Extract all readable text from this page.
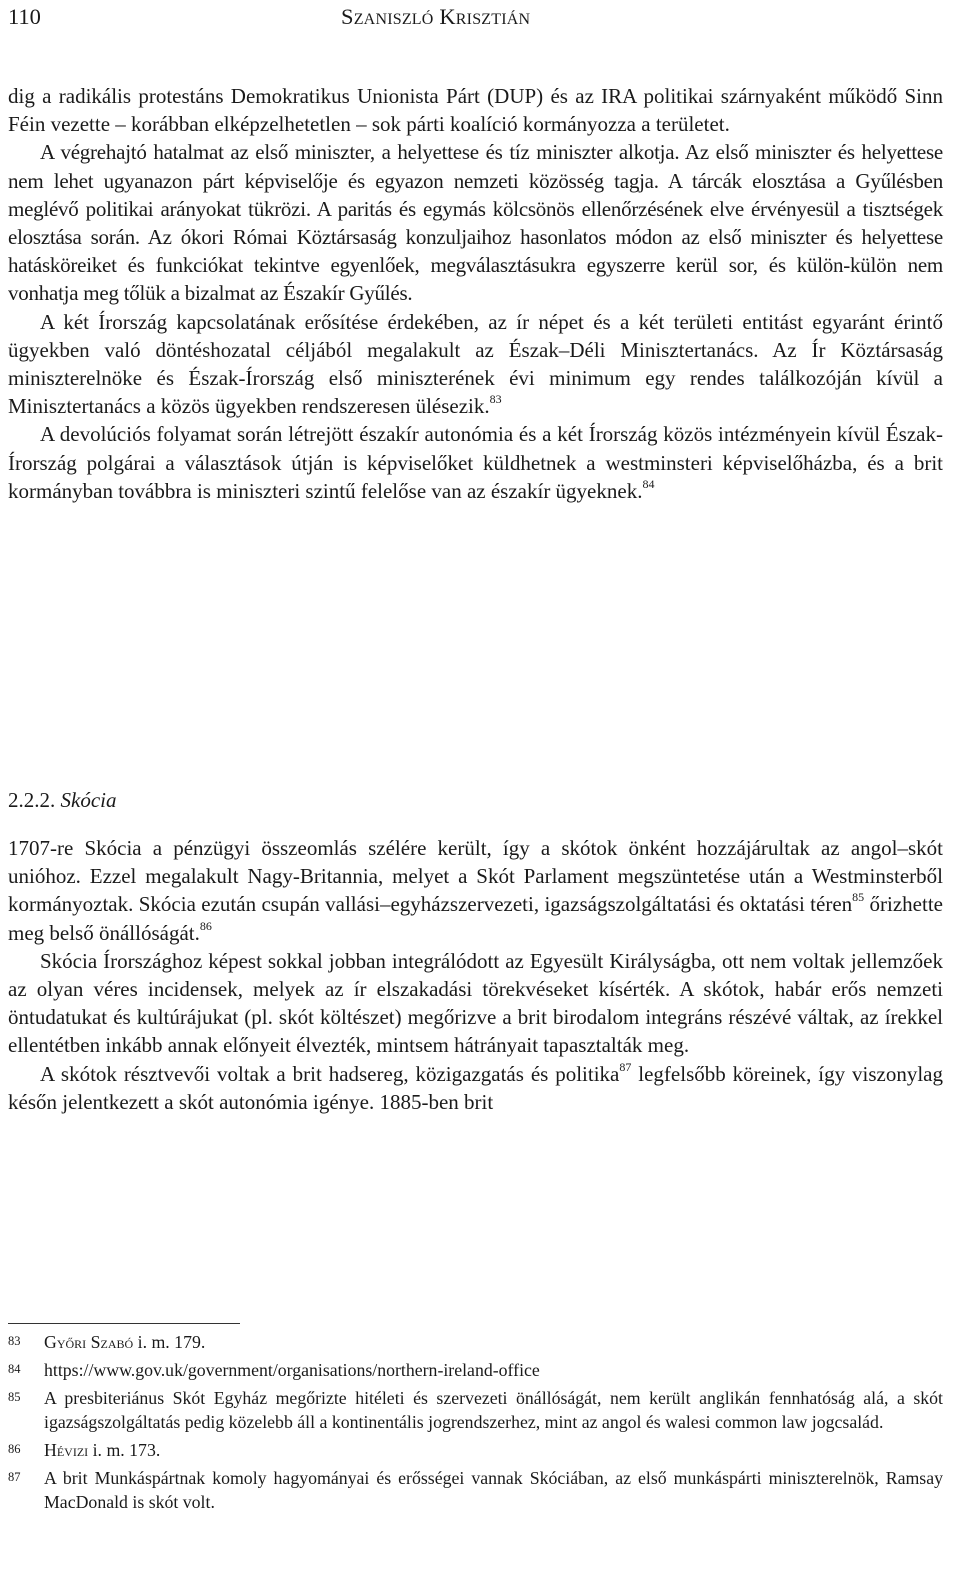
110	Szaniszló Krisztián

dig a radikális protestáns Demokratikus Unionista Párt (DUP) és az IRA politikai szárnyaként működő Sinn Féin vezette – korábban elképzelhetetlen – sok párti koalíció kormányozza a területet.

A végrehajtó hatalmat az első miniszter, a helyettese és tíz miniszter alkotja. Az első miniszter és helyettese nem lehet ugyanazon párt képviselője és egyazon nemzeti közösség tagja. A tárcák elosztása a Gyűlésben meglévő politikai arányokat tükrözi. A paritás és egymás kölcsönös ellenőrzésének elve érvényesül a tisztségek elosztása során. Az ókori Római Köztársaság konzuljaihoz hasonlatos módon az első miniszter és helyettese hatásköreiket és funkciókat tekintve egyenlőek, megválasztásukra egyszerre kerül sor, és külön-külön nem vonhatja meg tőlük a bizalmat az Északír Gyűlés.

A két Írország kapcsolatának erősítése érdekében, az ír népet és a két területi entitást egyaránt érintő ügyekben való döntéshozatal céljából megalakult az Észak–Déli Minisztertanács. Az Ír Köztársaság miniszterelnöke és Észak-Írország első miniszterének évi minimum egy rendes találkozóján kívül a Minisztertanács a közös ügyekben rendszeresen ülésezik.$^{83}$

A devolúciós folyamat során létrejött északír autonómia és a két Írország közös intézményein kívül Észak-Írország polgárai a választások útján is képviselőket küldhetnek a westminsteri képviselőházba, és a brit kormányban továbbra is miniszteri szintű felelőse van az északír ügyeknek.$^{84}$

2.2.2. Skócia

1707-re Skócia a pénzügyi összeomlás szélére került, így a skótok önként hozzájárultak az angol–skót unióhoz. Ezzel megalakult Nagy-Britannia, melyet a Skót Parlament megszüntetése után a Westminsterből kormányoztak. Skócia ezután csupán vallási–egyházszervezeti, igazságszolgáltatási és oktatási téren$^{85}$ őrizhette meg belső önállóságát.$^{86}$

Skócia Írországhoz képest sokkal jobban integrálódott az Egyesült Királyságba, ott nem voltak jellemzőek az olyan véres incidensek, melyek az ír elszakadási törekvéseket kísérték. A skótok, habár erős nemzeti öntudatukat és kultúrájukat (pl. skót költészet) megőrizve a brit birodalom integráns részévé váltak, az írekkel ellentétben inkább annak előnyeit élvezték, mintsem hátrányait tapasztalták meg.

A skótok résztvevői voltak a brit hadsereg, közigazgatás és politika$^{87}$ legfelsőbb köreinek, így viszonylag későn jelentkezett a skót autonómia igénye. 1885-ben brit

83 Győri Szabó i. m. 179.
84 https://www.gov.uk/government/organisations/northern-ireland-office
85 A presbiteriánus Skót Egyház megőrizte hitéleti és szervezeti önállóságát, nem került anglikán fennhatóság alá, a skót igazságszolgáltatás pedig közelebb áll a kontinentális jogrendszerhez, mint az angol és walesi common law jogcsalád.
86 Hévizi i. m. 173.
87 A brit Munkáspártnak komoly hagyományai és erősségei vannak Skóciában, az első munkáspárti miniszterelnök, Ramsay MacDonald is skót volt.
